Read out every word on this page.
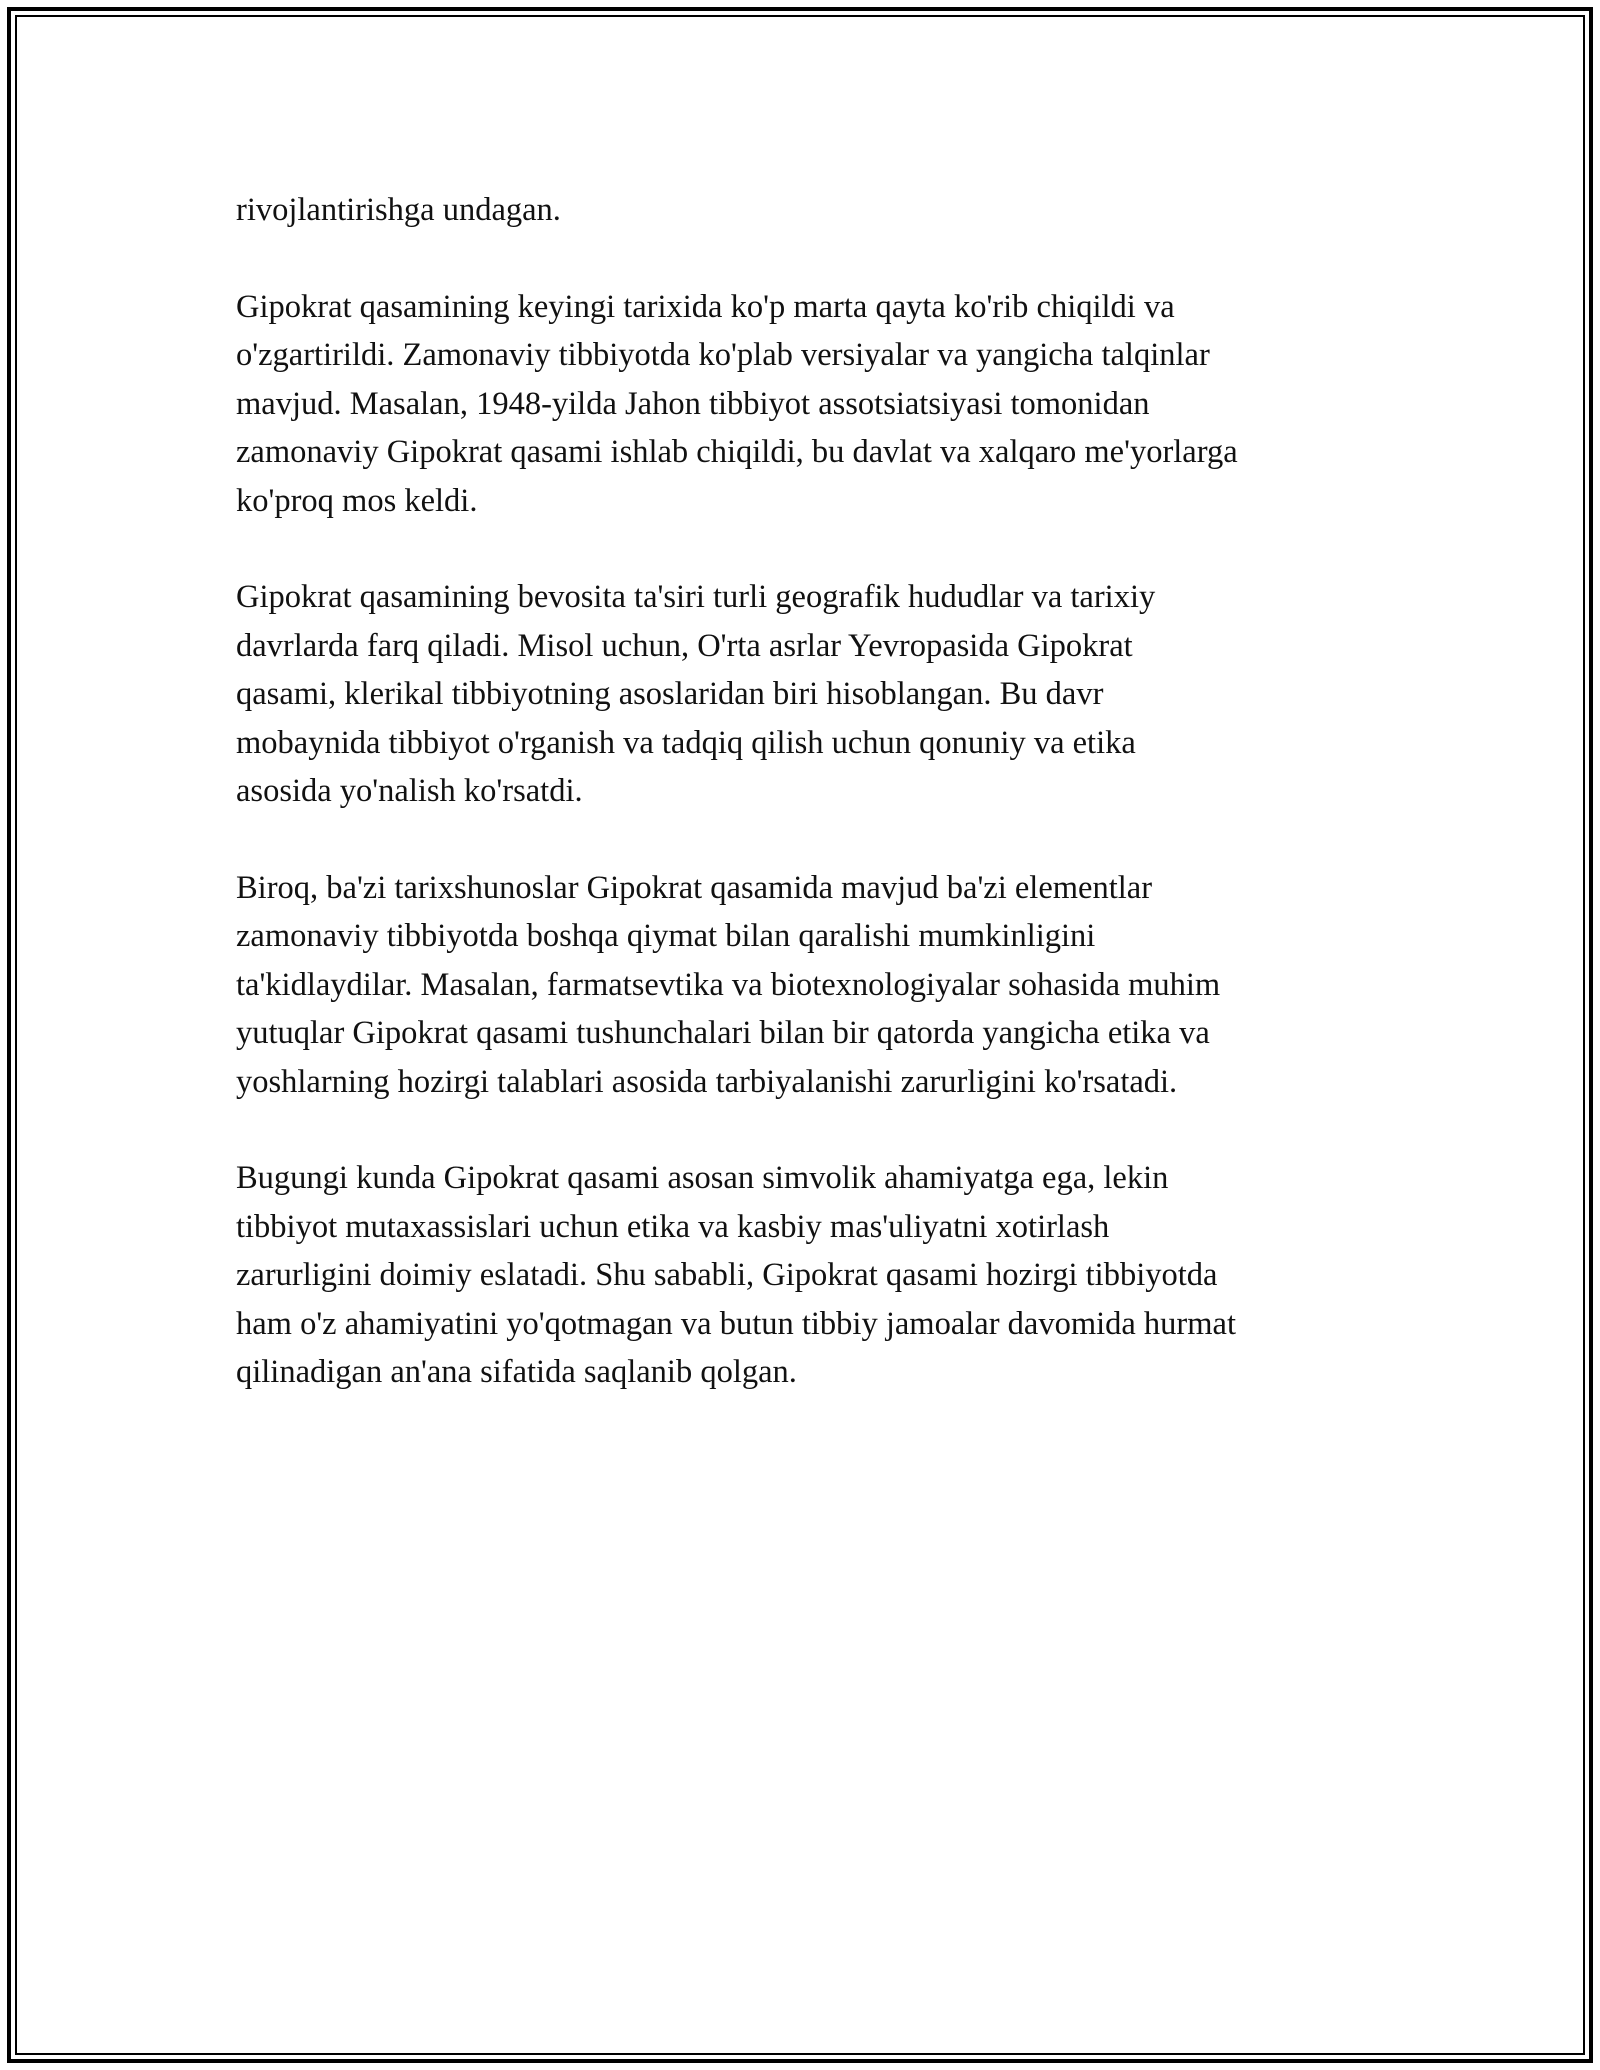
rivojlantirishga undagan.

Gipokrat qasamining keyingi tarixida ko'p marta qayta ko'rib chiqildi va
o'zgartirildi. Zamonaviy tibbiyotda ko'plab versiyalar va yangicha talqinlar
mavjud. Masalan, 1948-yilda Jahon tibbiyot assotsiatsiyasi tomonidan
zamonaviy Gipokrat qasami ishlab chiqildi, bu davlat va xalqaro me'yorlarga
ko'proq mos keldi.

Gipokrat qasamining bevosita ta'siri turli geografik hududlar va tarixiy
davrlarda farq qiladi. Misol uchun, O'rta asrlar Yevropasida Gipokrat
qasami, klerikal tibbiyotning asoslaridan biri hisoblangan. Bu davr
mobaynida tibbiyot o'rganish va tadqiq qilish uchun qonuniy va etika
asosida yo'nalish ko'rsatdi.

Biroq, ba'zi tarixshunoslar Gipokrat qasamida mavjud ba'zi elementlar
zamonaviy tibbiyotda boshqa qiymat bilan qaralishi mumkinligini
ta'kidlaydilar. Masalan, farmatsevtika va biotexnologiyalar sohasida muhim
yutuqlar Gipokrat qasami tushunchalari bilan bir qatorda yangicha etika va
yoshlarning hozirgi talablari asosida tarbiyalanishi zarurligini ko'rsatadi.

Bugungi kunda Gipokrat qasami asosan simvolik ahamiyatga ega, lekin
tibbiyot mutaxassislari uchun etika va kasbiy mas'uliyatni xotirlash
zarurligini doimiy eslatadi. Shu sababli, Gipokrat qasami hozirgi tibbiyotda
ham o'z ahamiyatini yo'qotmagan va butun tibbiy jamoalar davomida hurmat
qilinadigan an'ana sifatida saqlanib qolgan.
